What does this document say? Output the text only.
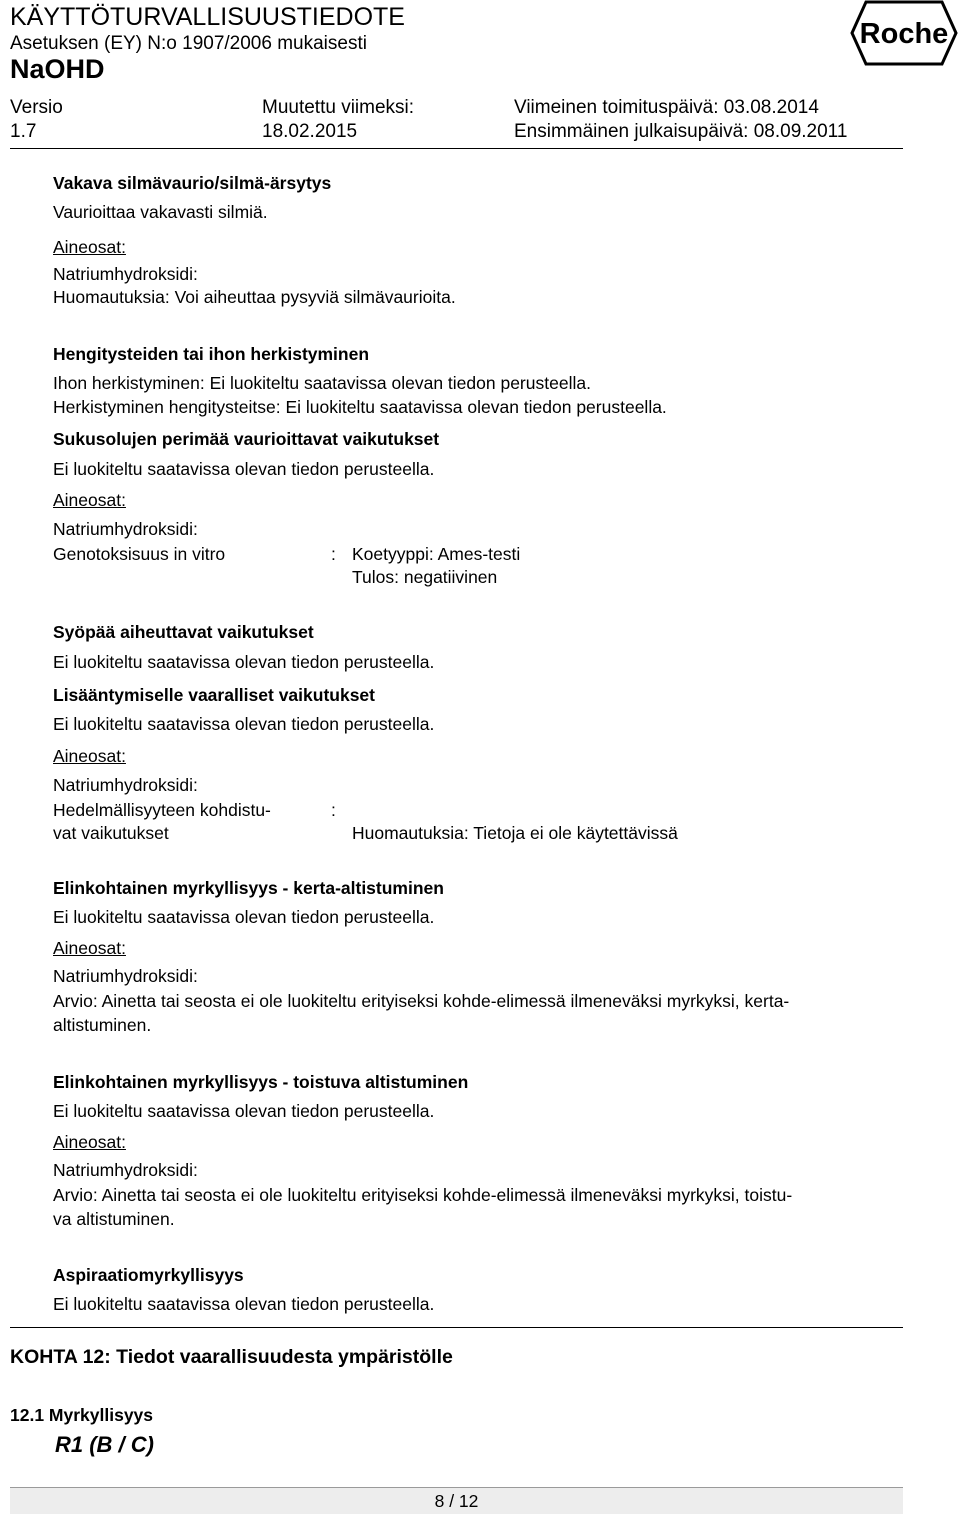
KÄYTTÖTURVALLISUUSTIEDOTE
Asetuksen (EY) N:o 1907/2006 mukaisesti
NaOHD
Roche
Versio
1.7
Muutettu viimeksi:
18.02.2015
Viimeinen toimituspäivä: 03.08.2014
Ensimmäinen julkaisupäivä: 08.09.2011
Vakava silmävaurio/silmä-ärsytys
Vaurioittaa vakavasti silmiä.
Aineosat:
Natriumhydroksidi:
Huomautuksia: Voi aiheuttaa pysyviä silmävaurioita.
Hengitysteiden tai ihon herkistyminen
Ihon herkistyminen: Ei luokiteltu saatavissa olevan tiedon perusteella.
Herkistyminen hengitysteitse: Ei luokiteltu saatavissa olevan tiedon perusteella.
Sukusolujen perimää vaurioittavat vaikutukset
Ei luokiteltu saatavissa olevan tiedon perusteella.
Aineosat:
Natriumhydroksidi:
Genotoksisuus in vitro	: Koetyyppi: Ames-testi
Tulos: negatiivinen
Syöpää aiheuttavat vaikutukset
Ei luokiteltu saatavissa olevan tiedon perusteella.
Lisääntymiselle vaaralliset vaikutukset
Ei luokiteltu saatavissa olevan tiedon perusteella.
Aineosat:
Natriumhydroksidi:
Hedelmällisyyteen kohdistu-
vat vaikutukset
:
Huomautuksia: Tietoja ei ole käytettävissä
Elinkohtainen myrkyllisyys - kerta-altistuminen
Ei luokiteltu saatavissa olevan tiedon perusteella.
Aineosat:
Natriumhydroksidi:
Arvio: Ainetta tai seosta ei ole luokiteltu erityiseksi kohde-elimessä ilmeneväksi myrkyksi, kerta-
altistuminen.
Elinkohtainen myrkyllisyys - toistuva altistuminen
Ei luokiteltu saatavissa olevan tiedon perusteella.
Aineosat:
Natriumhydroksidi:
Arvio: Ainetta tai seosta ei ole luokiteltu erityiseksi kohde-elimessä ilmeneväksi myrkyksi, toistu-
va altistuminen.
Aspiraatiomyrkyllisyys
Ei luokiteltu saatavissa olevan tiedon perusteella.
KOHTA 12: Tiedot vaarallisuudesta ympäristölle
12.1 Myrkyllisyys
R1 (B / C)
8 / 12
